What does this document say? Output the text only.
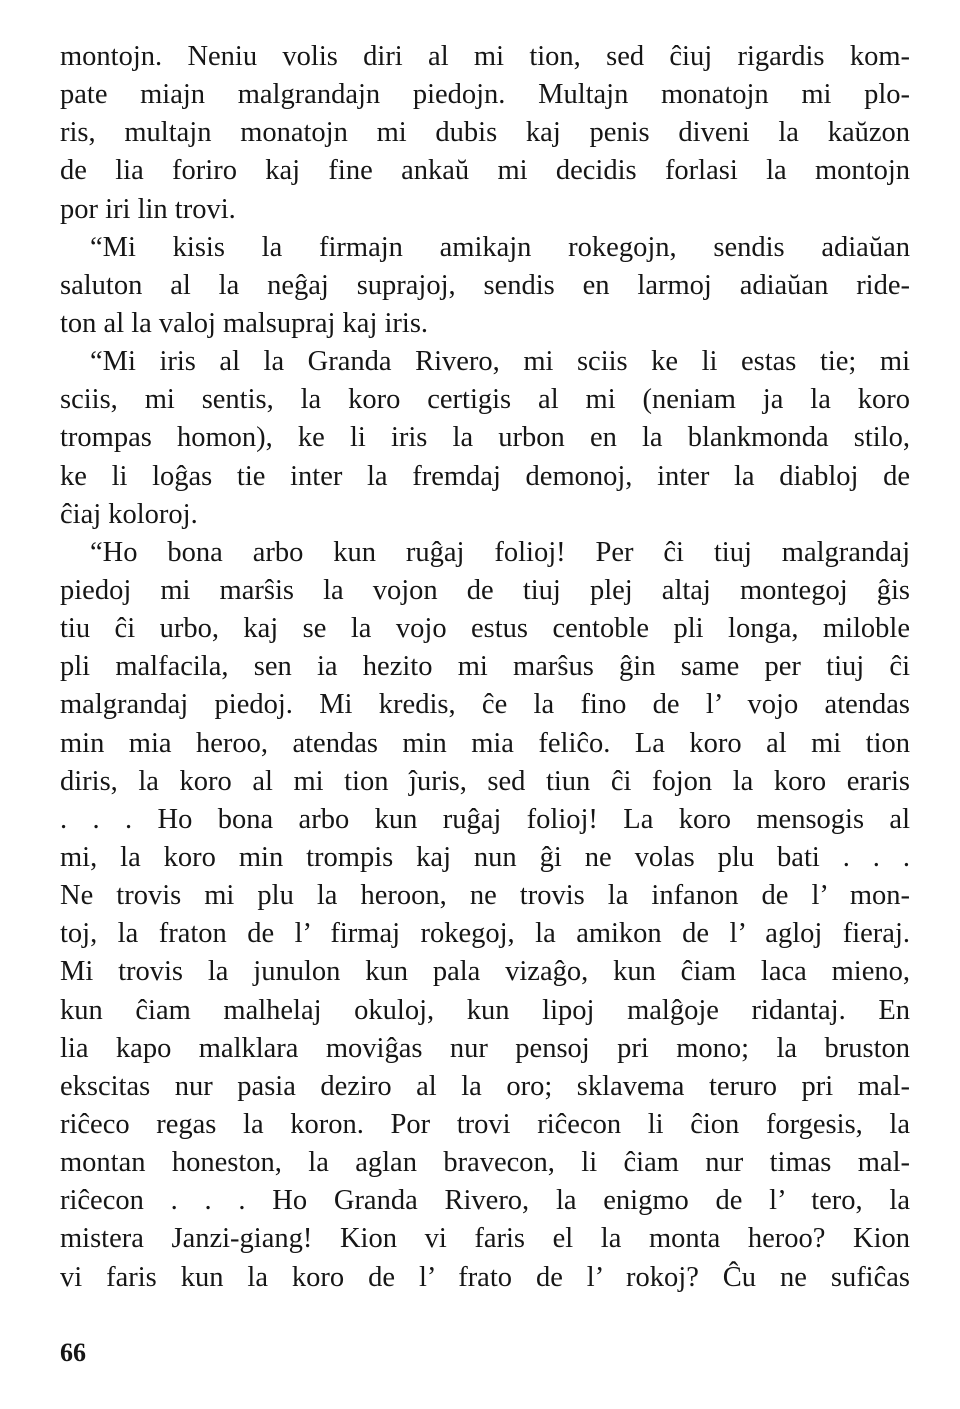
montojn. Neniu volis diri al mi tion, sed ĉiuj rigardis kom-
pate miajn malgrandajn piedojn. Multajn monatojn mi plo-
ris, multajn monatojn mi dubis kaj penis diveni la kaŭzon
de lia foriro kaj fine ankaŭ mi decidis forlasi la montojn
por iri lin trovi.
“Mi kisis la firmajn amikajn rokegojn, sendis adiaŭan
saluton al la neĝaj suprajoj, sendis en larmoj adiaŭan ride-
ton al la valoj malsupraj kaj iris.
“Mi iris al la Granda Rivero, mi sciis ke li estas tie; mi
sciis, mi sentis, la koro certigis al mi (neniam ja la koro
trompas homon), ke li iris la urbon en la blankmonda stilo,
ke li loĝas tie inter la fremdaj demonoj, inter la diabloj de
ĉiaj koloroj.
“Ho bona arbo kun ruĝaj folioj! Per ĉi tiuj malgrandaj
piedoj mi marŝis la vojon de tiuj plej altaj montegoj ĝis
tiu ĉi urbo, kaj se la vojo estus centoble pli longa, miloble
pli malfacila, sen ia hezito mi marŝus ĝin same per tiuj ĉi
malgrandaj piedoj. Mi kredis, ĉe la fino de l’ vojo atendas
min mia heroo, atendas min mia feliĉo. La koro al mi tion
diris, la koro al mi tion ĵuris, sed tiun ĉi fojon la koro eraris
. . . Ho bona arbo kun ruĝaj folioj! La koro mensogis al
mi, la koro min trompis kaj nun ĝi ne volas plu bati . . .
Ne trovis mi plu la heroon, ne trovis la infanon de l’ mon-
toj, la fraton de l’ firmaj rokegoj, la amikon de l’ agloj fieraj.
Mi trovis la junulon kun pala vizaĝo, kun ĉiam laca mieno,
kun ĉiam malhelaj okuloj, kun lipoj malĝoje ridantaj. En
lia kapo malklara moviĝas nur pensoj pri mono; la bruston
ekscitas nur pasia deziro al la oro; sklavema teruro pri mal-
riĉeco regas la koron. Por trovi riĉecon li ĉion forgesis, la
montan honeston, la aglan bravecon, li ĉiam nur timas mal-
riĉecon . . . Ho Granda Rivero, la enigmo de l’ tero, la
mistera Janzi-giang! Kion vi faris el la monta heroo? Kion
vi faris kun la koro de l’ frato de l’ rokoj? Ĉu ne sufiĉas
66
